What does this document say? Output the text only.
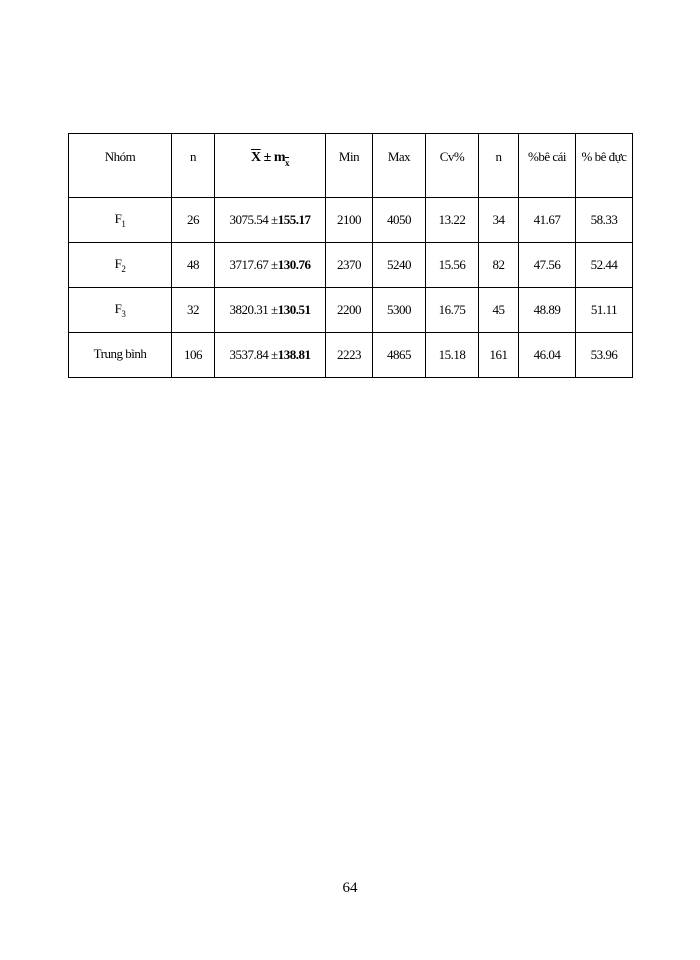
Nhóm	n	$\overline{X} \pm m_{\overline{x}}$	Min	Max	Cv%	n	%bê cái	% bê đực
$F_1$	26	3075.54 ±155.17	2100	4050	13.22	34	41.67	58.33
$F_2$	48	3717.67 ±130.76	2370	5240	15.56	82	47.56	52.44
$F_3$	32	3820.31 ±130.51	2200	5300	16.75	45	48.89	51.11
Trung bình	106	3537.84 ±138.81	2223	4865	15.18	161	46.04	53.96
64
